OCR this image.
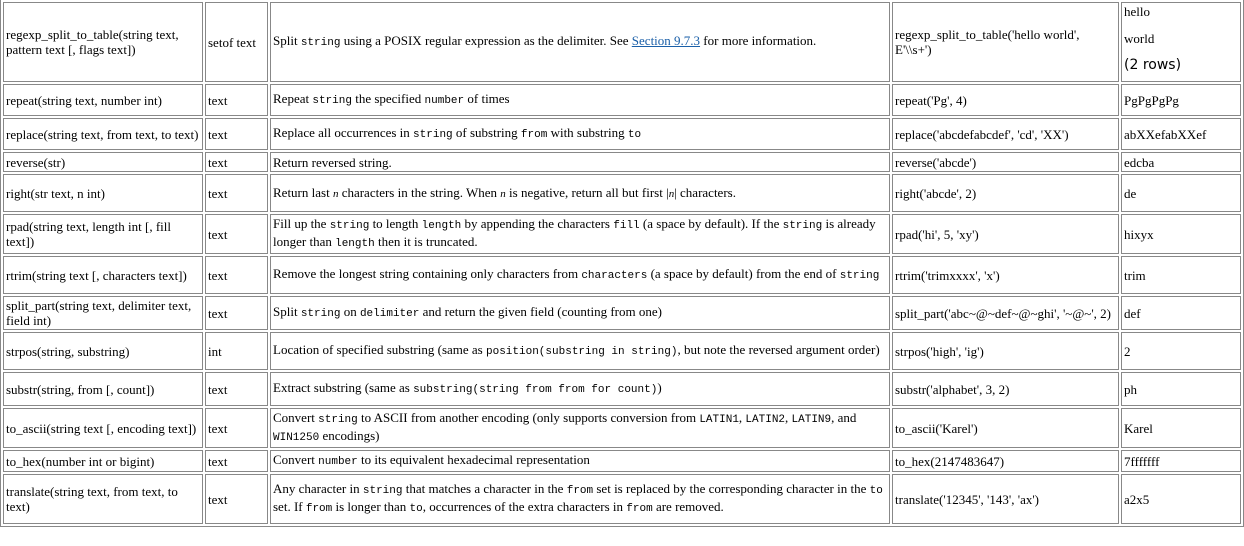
regexp_split_to_table(string text, pattern text [, flags text])	setof text	Split string using a POSIX regular expression as the delimiter. See Section 9.7.3 for more information.	regexp_split_to_table('hello world', E'\\s+')	hello
world
(2 rows)

repeat(string text, number int)	text	Repeat string the specified number of times	repeat('Pg', 4)	PgPgPgPg

replace(string text, from text, to text)	text	Replace all occurrences in string of substring from with substring to	replace('abcdefabcdef', 'cd', 'XX')	abXXefabXXef

reverse(str)	text	Return reversed string.	reverse('abcde')	edcba

right(str text, n int)	text	Return last n characters in the string. When n is negative, return all but first |n| characters.	right('abcde', 2)	de

rpad(string text, length int [, fill text])	text	Fill up the string to length length by appending the characters fill (a space by default). If the string is already longer than length then it is truncated.	rpad('hi', 5, 'xy')	hixyx

rtrim(string text [, characters text])	text	Remove the longest string containing only characters from characters (a space by default) from the end of string	rtrim('trimxxxx', 'x')	trim

split_part(string text, delimiter text, field int)	text	Split string on delimiter and return the given field (counting from one)	split_part('abc~@~def~@~ghi', '~@~', 2)	def

strpos(string, substring)	int	Location of specified substring (same as position(substring in string), but note the reversed argument order)	strpos('high', 'ig')	2

substr(string, from [, count])	text	Extract substring (same as substring(string from from for count))	substr('alphabet', 3, 2)	ph

to_ascii(string text [, encoding text])	text	Convert string to ASCII from another encoding (only supports conversion from LATIN1, LATIN2, LATIN9, and WIN1250 encodings)	to_ascii('Karel')	Karel

to_hex(number int or bigint)	text	Convert number to its equivalent hexadecimal representation	to_hex(2147483647)	7fffffff

translate(string text, from text, to text)	text	Any character in string that matches a character in the from set is replaced by the corresponding character in the to set. If from is longer than to, occurrences of the extra characters in from are removed.	translate('12345', '143', 'ax')	a2x5
